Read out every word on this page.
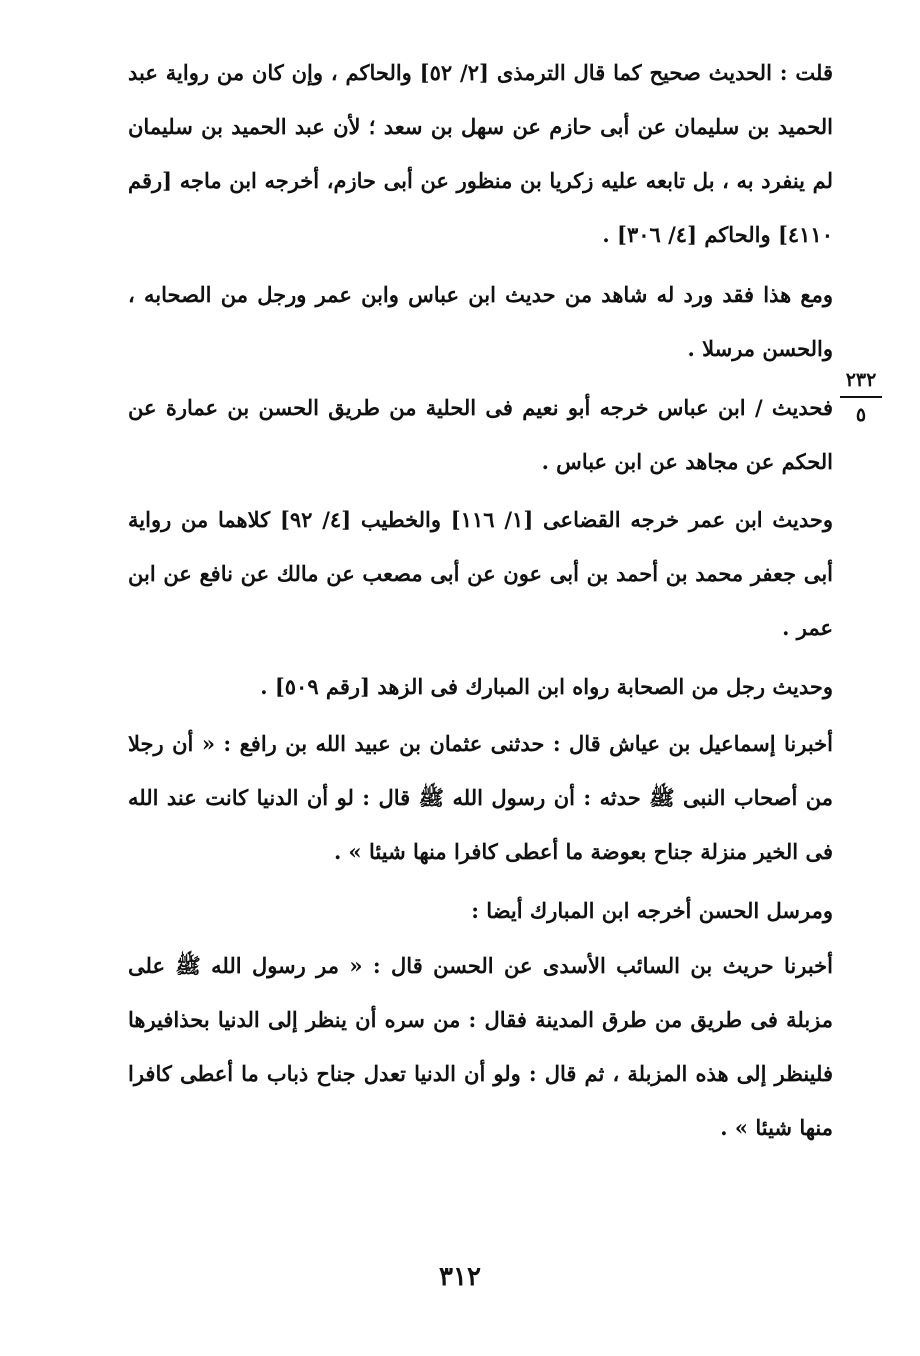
قلت : الحديث صحيح كما قال الترمذى [٢/ ٥٢] والحاكم ، وإن كان من رواية عبد الحميد بن سليمان عن أبى حازم عن سهل بن سعد ؛ لأن عبد الحميد بن سليمان لم ينفرد به ، بل تابعه عليه زكريا بن منظور عن أبى حازم، أخرجه ابن ماجه [رقم ٤١١٠] والحاكم [٤/ ٣٠٦] .

ومع هذا فقد ورد له شاهد من حديث ابن عباس وابن عمر ورجل من الصحابه ، والحسن مرسلا .

٢٣٢
٥

فحديث / ابن عباس خرجه أبو نعيم فى الحلية من طريق الحسن بن عمارة عن الحكم عن مجاهد عن ابن عباس .

وحديث ابن عمر خرجه القضاعى [١/ ١١٦] والخطيب [٤/ ٩٢] كلاهما من رواية أبى جعفر محمد بن أحمد بن أبى عون عن أبى مصعب عن مالك عن نافع عن ابن عمر .

وحديث رجل من الصحابة رواه ابن المبارك فى الزهد [رقم ٥٠٩] .

أخبرنا إسماعيل بن عياش قال : حدثنى عثمان بن عبيد الله بن رافع : « أن رجلا من أصحاب النبى ﷺ حدثه : أن رسول الله ﷺ قال : لو أن الدنيا كانت عند الله فى الخير منزلة جناح بعوضة ما أعطى كافرا منها شيئا » .

ومرسل الحسن أخرجه ابن المبارك أيضا :

أخبرنا حريث بن السائب الأسدى عن الحسن قال : « مر رسول الله ﷺ على مزبلة فى طريق من طرق المدينة فقال : من سره أن ينظر إلى الدنيا بحذافيرها فلينظر إلى هذه المزبلة ، ثم قال : ولو أن الدنيا تعدل جناح ذباب ما أعطى كافرا منها شيئا » .

٣١٢
